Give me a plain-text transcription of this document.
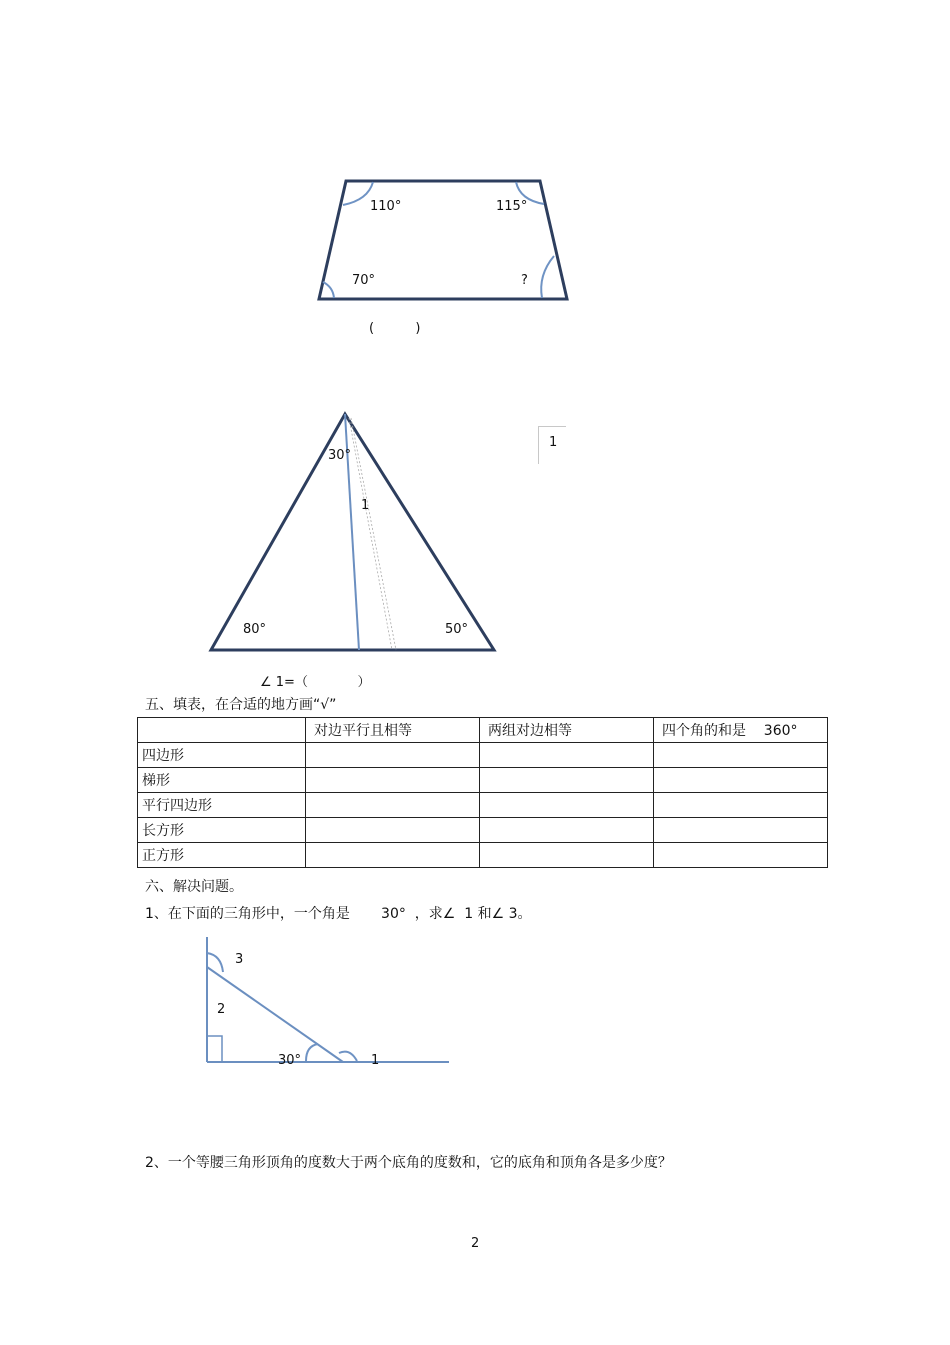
110°	115°
70°	?
(          )
30°
1
80°	50°
1
∠ 1=（            ）
五、填表，在合适的地方画“√”
	对边平行且相等	两组对边相等	四个角的和是    360°
四边形			
梯形			
平行四边形			
长方形			
正方形			
六、解决问题。
1、在下面的三角形中，一个角是       30°  ，求∠  1 和∠ 3。
3
2
30°	1
2、一个等腰三角形顶角的度数大于两个底角的度数和，它的底角和顶角各是多少度？
2
